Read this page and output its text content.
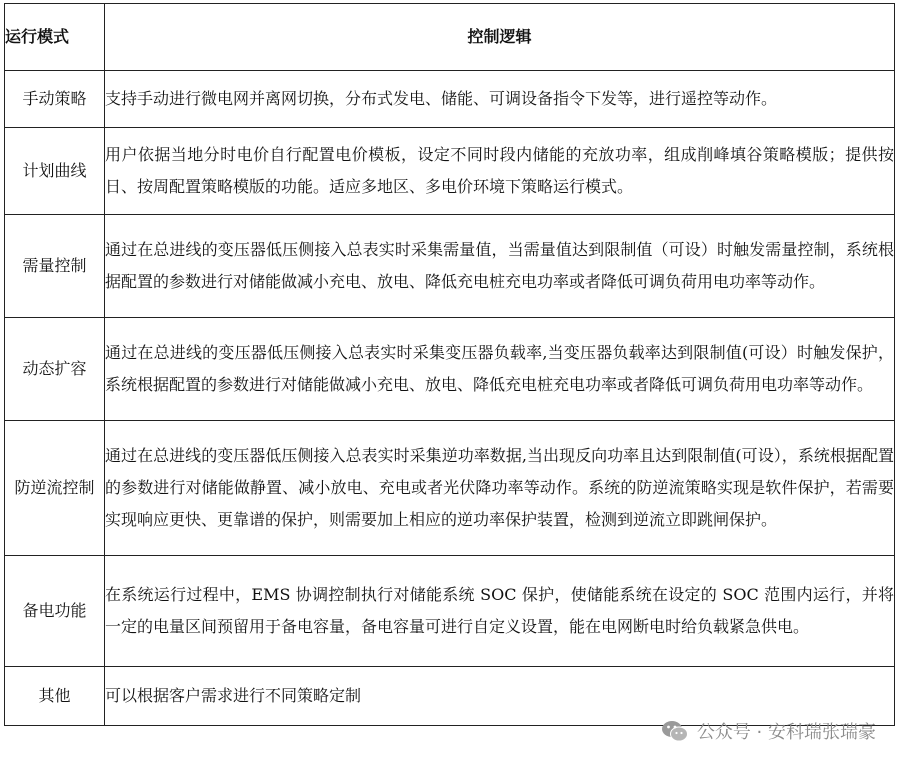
运行模式	控制逻辑
手动策略	支持手动进行微电网并离网切换，分布式发电、储能、可调设备指令下发等，进行遥控等动作。
计划曲线	用户依据当地分时电价自行配置电价模板，设定不同时段内储能的充放功率，组成削峰填谷策略模版；提供按日、按周配置策略模版的功能。适应多地区、多电价环境下策略运行模式。
需量控制	通过在总进线的变压器低压侧接入总表实时采集需量值，当需量值达到限制值（可设）时触发需量控制，系统根据配置的参数进行对储能做减小充电、放电、降低充电桩充电功率或者降低可调负荷用电功率等动作。
动态扩容	通过在总进线的变压器低压侧接入总表实时采集变压器负载率,当变压器负载率达到限制值(可设）时触发保护，系统根据配置的参数进行对储能做减小充电、放电、降低充电桩充电功率或者降低可调负荷用电功率等动作。
防逆流控制	通过在总进线的变压器低压侧接入总表实时采集逆功率数据,当出现反向功率且达到限制值(可设），系统根据配置的参数进行对储能做静置、减小放电、充电或者光伏降功率等动作。系统的防逆流策略实现是软件保护，若需要实现响应更快、更靠谱的保护，则需要加上相应的逆功率保护装置，检测到逆流立即跳闸保护。
备电功能	在系统运行过程中，EMS 协调控制执行对储能系统 SOC 保护，使储能系统在设定的 SOC 范围内运行，并将一定的电量区间预留用于备电容量，备电容量可进行自定义设置，能在电网断电时给负载紧急供电。
其他	可以根据客户需求进行不同策略定制
公众号 · 安科瑞张瑞豪
